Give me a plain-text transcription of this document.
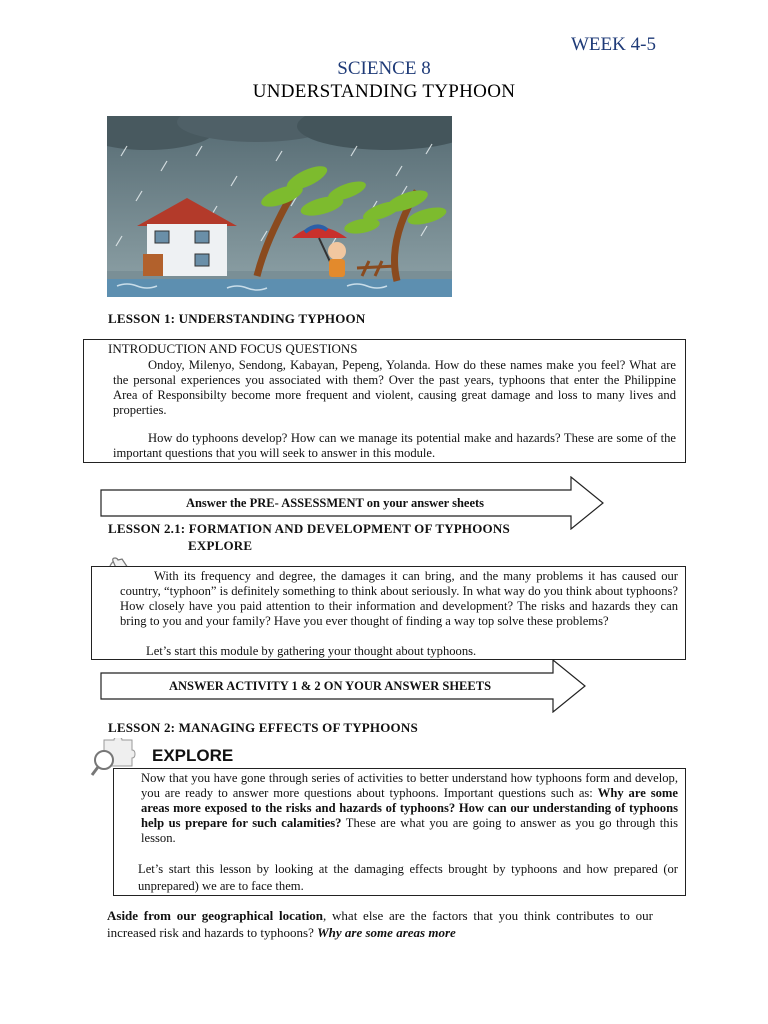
WEEK 4-5
SCIENCE 8
UNDERSTANDING TYPHOON
LESSON 1: UNDERSTANDING TYPHOON
INTRODUCTION AND FOCUS QUESTIONS
Ondoy, Milenyo, Sendong, Kabayan, Pepeng, Yolanda. How do these names make you feel? What are the personal experiences you associated with them? Over the past years, typhoons that enter the Philippine Area of Responsibilty become more frequent and violent, causing great damage and loss to many lives and properties.
How do typhoons develop? How can we manage its potential make and hazards? These are some of the important questions that you will seek to answer in this module.
Answer the PRE- ASSESSMENT on your answer sheets
LESSON 2.1: FORMATION AND DEVELOPMENT OF TYPHOONS
EXPLORE
With its frequency and degree, the damages it can bring, and the many problems it has caused our country, “typhoon” is definitely something to think about seriously. In what way do you think about typhoons? How closely have you paid attention to their information and development? The risks and hazards they can bring to you and your family? Have you ever thought of finding a way top solve these problems?
Let’s start this module by gathering your thought about typhoons.
ANSWER ACTIVITY 1 & 2 ON YOUR ANSWER SHEETS
LESSON 2: MANAGING EFFECTS OF TYPHOONS
EXPLORE
Now that you have gone through series of activities to better understand how typhoons form and develop, you are ready to answer more questions about typhoons. Important questions such as: Why are some areas more exposed to the risks and hazards of typhoons? How can our understanding of typhoons help us prepare for such calamities? These are what you are going to answer as you go through this lesson.
Let’s start this lesson by looking at the damaging effects brought by typhoons and how prepared (or unprepared) we are to face them.
Aside from our geographical location, what else are the factors that you think contributes to our increased risk and hazards to typhoons? Why are some areas more
